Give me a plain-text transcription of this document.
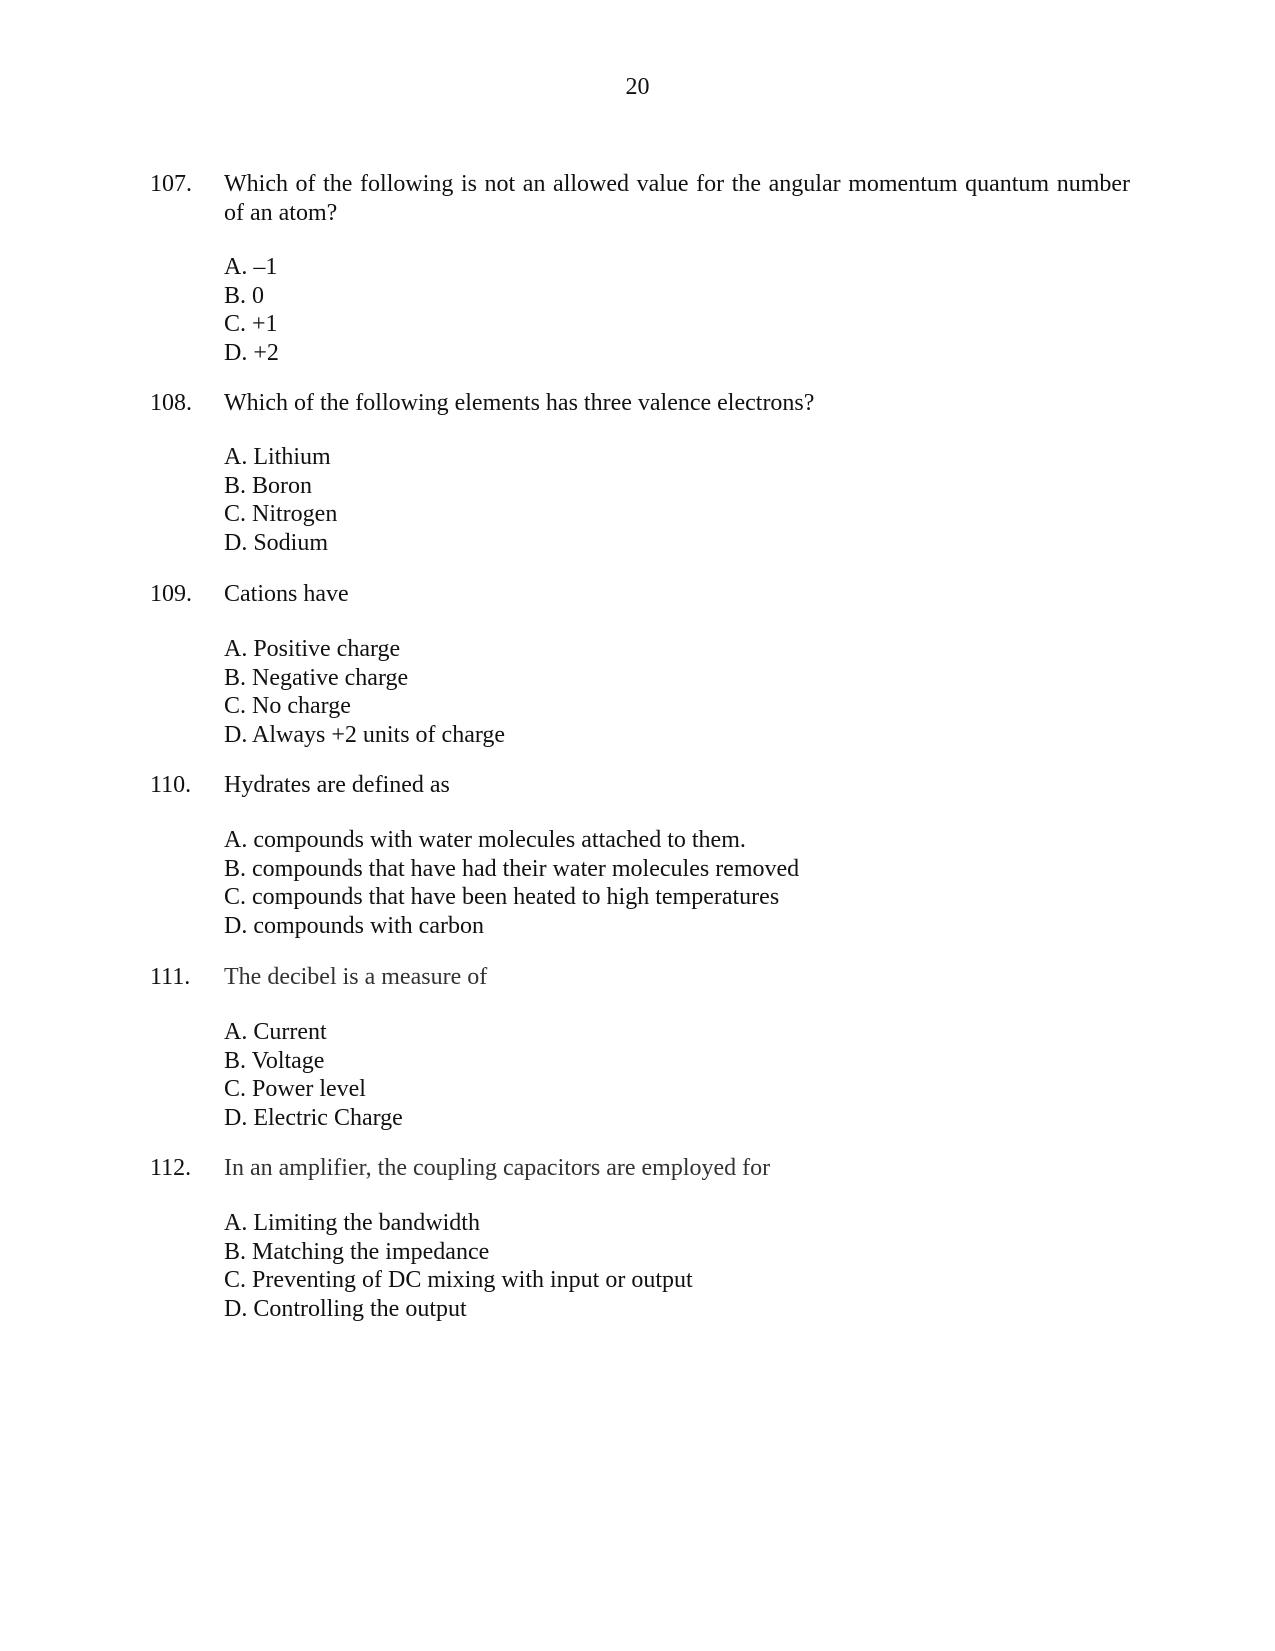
20
107.	Which of the following is not an allowed value for the angular momentum quantum number of an atom?
A. –1
B. 0
C. +1
D. +2
108.	Which of the following elements has three valence electrons?
A. Lithium
B. Boron
C. Nitrogen
D. Sodium
109.	Cations have
A. Positive charge
B. Negative charge
C. No charge
D. Always +2 units of charge
110.	Hydrates are defined as
A. compounds with water molecules attached to them.
B. compounds that have had their water molecules removed
C. compounds that have been heated to high temperatures
D. compounds with carbon
111.	The decibel is a measure of
A. Current
B. Voltage
C. Power level
D. Electric Charge
112.	In an amplifier, the coupling capacitors are employed for
A. Limiting the bandwidth
B. Matching the impedance
C. Preventing of DC mixing with input or output
D. Controlling the output
